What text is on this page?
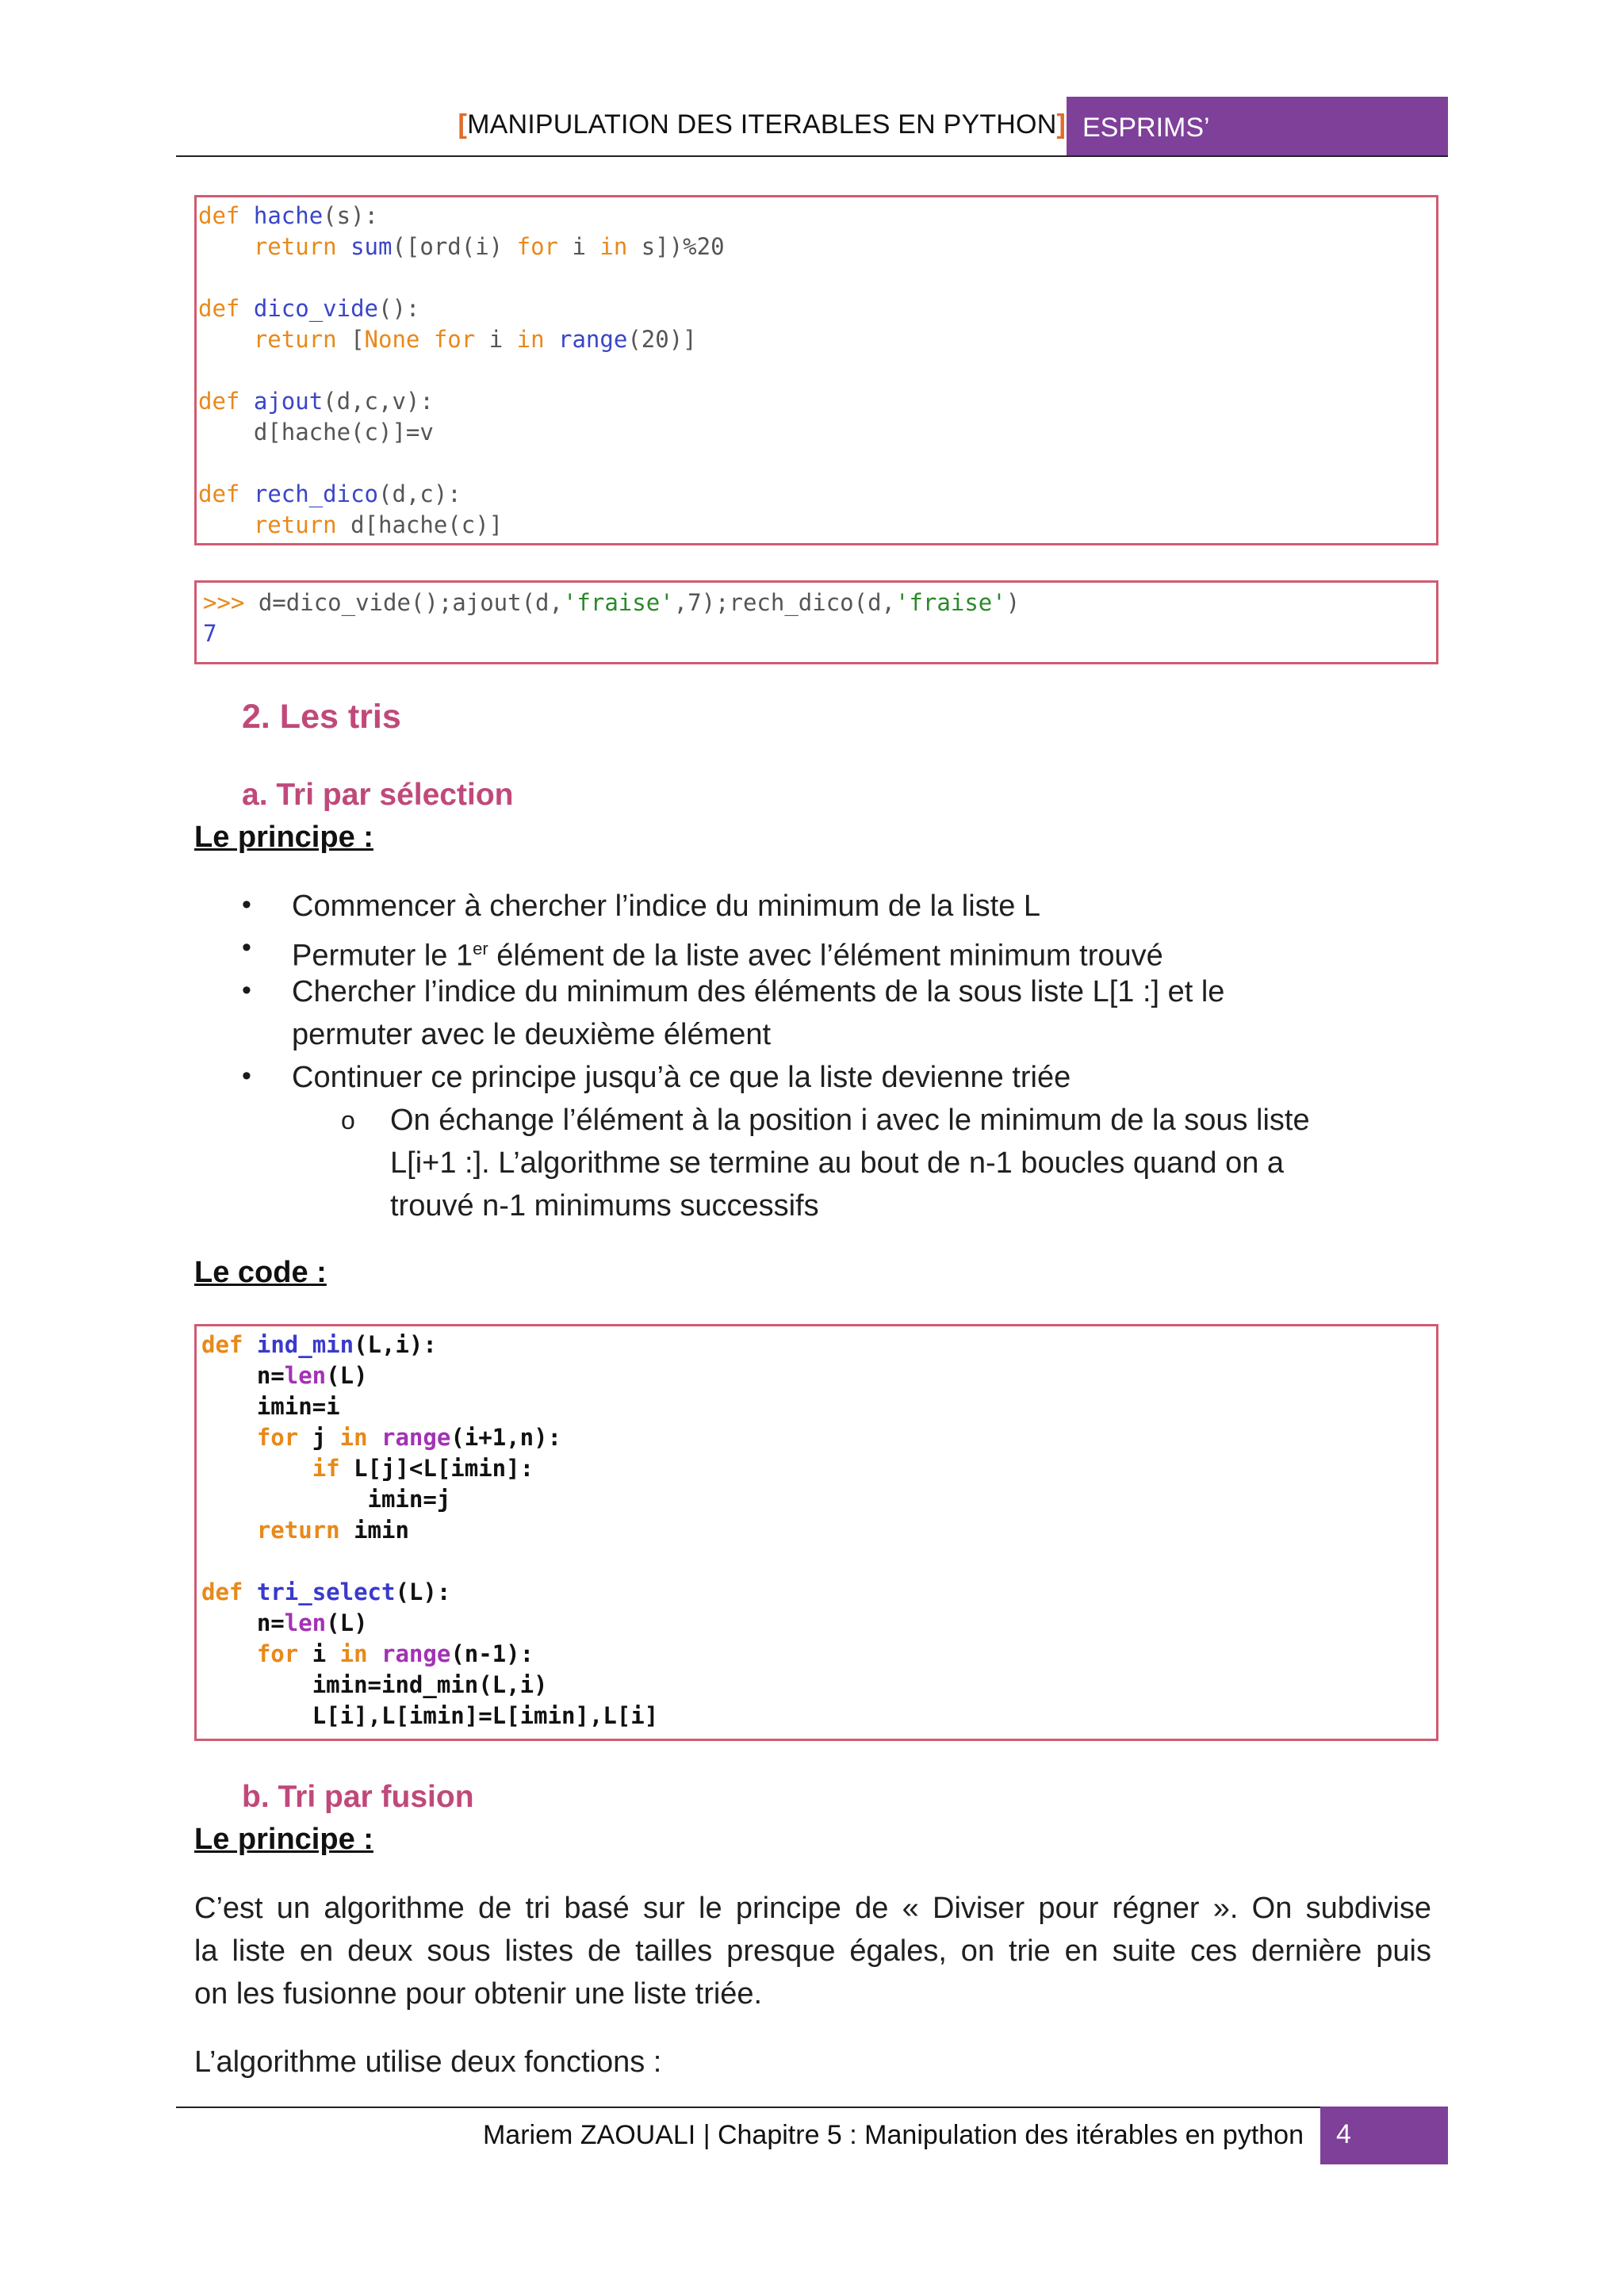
[MANIPULATION DES ITERABLES EN PYTHON] ESPRIMS’
def hache(s):
return sum([ord(i) for i in s])%20
def dico_vide():
return [None for i in range(20)]
def ajout(d,c,v):
d[hache(c)]=v
def rech_dico(d,c):
return d[hache(c)]
>>> d=dico_vide();ajout(d,'fraise',7);rech_dico(d,'fraise')
7
2. Les tris
a. Tri par sélection
Le principe :
• Commencer à chercher l’indice du minimum de la liste L
• Permuter le 1er élément de la liste avec l’élément minimum trouvé
• Chercher l’indice du minimum des éléments de la sous liste L[1 :] et le
permuter avec le deuxième élément
• Continuer ce principe jusqu’à ce que la liste devienne triée
o On échange l’élément à la position i avec le minimum de la sous liste
L[i+1 :]. L’algorithme se termine au bout de n-1 boucles quand on a
trouvé n-1 minimums successifs
Le code :
def ind_min(L,i):
n=len(L)
imin=i
for j in range(i+1,n):
if L[j]<L[imin]:
imin=j
return imin
def tri_select(L):
n=len(L)
for i in range(n-1):
imin=ind_min(L,i)
L[i],L[imin]=L[imin],L[i]
b. Tri par fusion
Le principe :
C’est un algorithme de tri basé sur le principe de « Diviser pour régner ». On subdivise
la liste en deux sous listes de tailles presque égales, on trie en suite ces dernière puis
on les fusionne pour obtenir une liste triée.
L’algorithme utilise deux fonctions :
Mariem ZAOUALI | Chapitre 5 : Manipulation des itérables en python 4
